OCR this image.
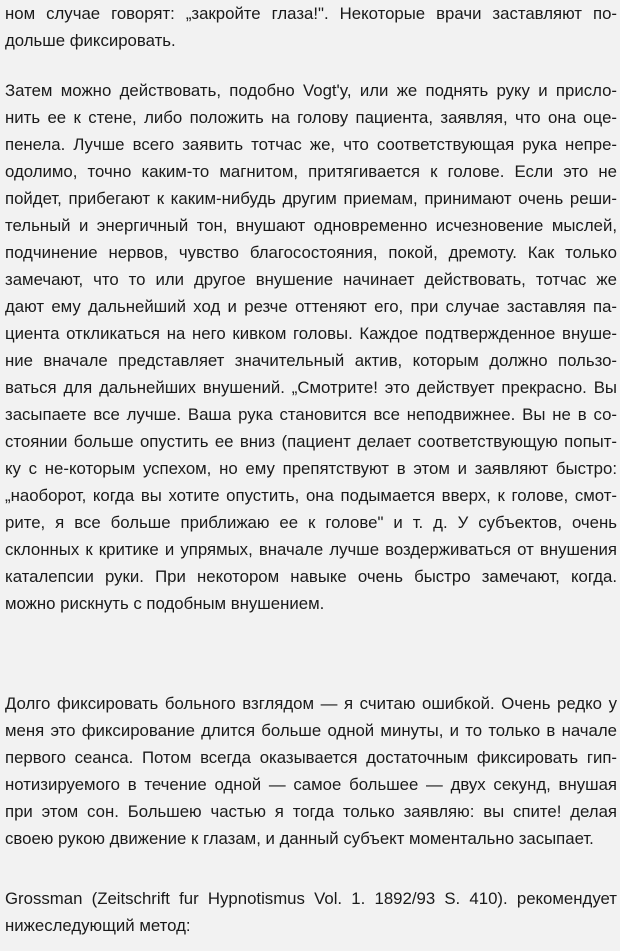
ном случае говорят: „закройте глаза!". Некоторые врачи заставляют по-
дольше фиксировать.
Затем можно действовать, подобно Vogt'y, или же поднять руку и присло-
нить ее к стене, либо положить на голову пациента, заявляя, что она оце-
пенела. Лучше всего заявить тотчас же, что соответствующая рука непре-
одолимо, точно каким-то магнитом, притягивается к голове. Если это не
пойдет, прибегают к каким-нибудь другим приемам, принимают очень реши-
тельный и энергичный тон, внушают одновременно исчезновение мыслей,
подчинение нервов, чувство благосостояния, покой, дремоту. Как только
замечают, что то или другое внушение начинает действовать, тотчас же
дают ему дальнейший ход и резче оттеняют его, при случае заставляя па-
циента откликаться на него кивком головы. Каждое подтвержденное внуше-
ние вначале представляет значительный актив, которым должно пользо-
ваться для дальнейших внушений. „Смотрите! это действует прекрасно. Вы
засыпаете все лучше. Ваша рука становится все неподвижнее. Вы не в со-
стоянии больше опустить ее вниз (пациент делает соответствующую попыт-
ку с не-которым успехом, но ему препятствуют в этом и заявляют быстро:
„наоборот, когда вы хотите опустить, она подымается вверх, к голове, смот-
рите, я все больше приближаю ее к голове" и т. д. У субъектов, очень
склонных к критике и упрямых, вначале лучше воздерживаться от внушения
каталепсии руки. При некотором навыке очень быстро замечают, когда.
можно рискнуть с подобным внушением.
Долго фиксировать больного взглядом — я считаю ошибкой. Очень редко у
меня это фиксирование длится больше одной минуты, и то только в начале
первого сеанса. Потом всегда оказывается достаточным фиксировать гип-
нотизируемого в течение одной — самое большее — двух секунд, внушая
при этом сон. Большею частью я тогда только заявляю: вы спите! делая
своею рукою движение к глазам, и данный субъект моментально засыпает.
Grossman (Zeitschrift fur Hypnotismus Vol. 1. 1892/93 S. 410). рекомендует
нижеследующий метод:
